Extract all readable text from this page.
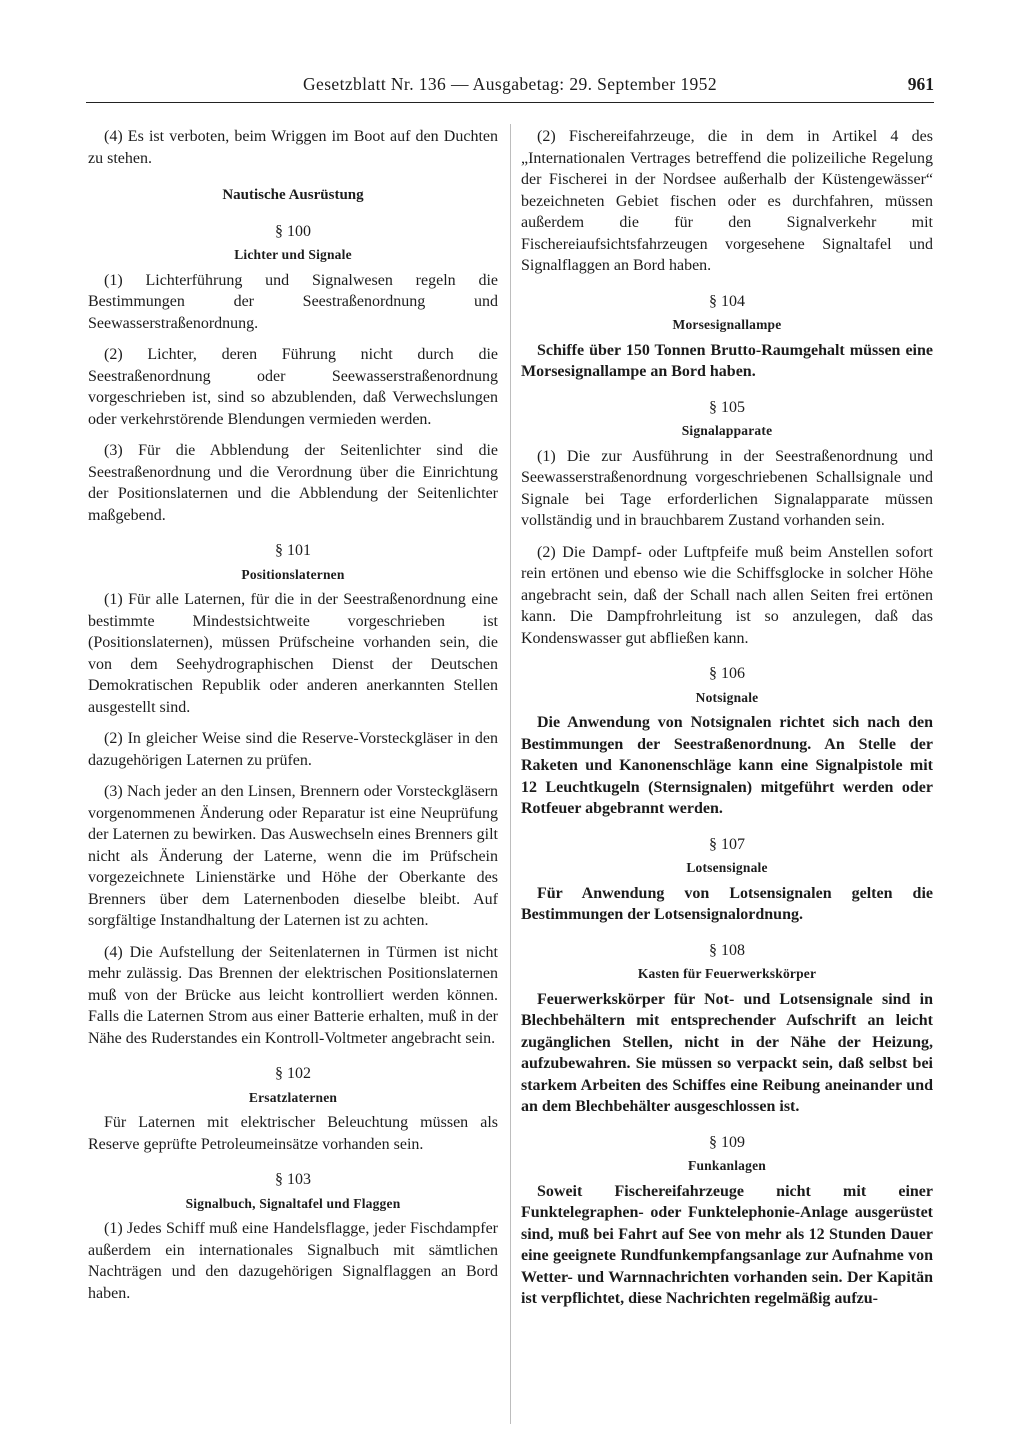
Gesetzblatt Nr. 136 — Ausgabetag: 29. September 1952	961

(4) Es ist verboten, beim Wriggen im Boot auf den Duchten zu stehen.

Nautische Ausrüstung
§ 100
Lichter und Signale

(1) Lichterführung und Signalwesen regeln die Bestimmungen der Seestraßenordnung und Seewasserstraßenordnung.

(2) Lichter, deren Führung nicht durch die Seestraßenordnung oder Seewasserstraßenordnung vorgeschrieben ist, sind so abzublenden, daß Verwechslungen oder verkehrstörende Blendungen vermieden werden.

(3) Für die Abblendung der Seitenlichter sind die Seestraßenordnung und die Verordnung über die Einrichtung der Positionslaternen und die Abblendung der Seitenlichter maßgebend.

§ 101
Positionslaternen

(1) Für alle Laternen, für die in der Seestraßenordnung eine bestimmte Mindestsichtweite vorgeschrieben ist (Positionslaternen), müssen Prüfscheine vorhanden sein, die von dem Seehydrographischen Dienst der Deutschen Demokratischen Republik oder anderen anerkannten Stellen ausgestellt sind.

(2) In gleicher Weise sind die Reserve-Vorsteckgläser in den dazugehörigen Laternen zu prüfen.

(3) Nach jeder an den Linsen, Brennern oder Vorsteckgläsern vorgenommenen Änderung oder Reparatur ist eine Neuprüfung der Laternen zu bewirken. Das Auswechseln eines Brenners gilt nicht als Änderung der Laterne, wenn die im Prüfschein vorgezeichnete Linienstärke und Höhe der Oberkante des Brenners über dem Laternenboden dieselbe bleibt. Auf sorgfältige Instandhaltung der Laternen ist zu achten.

(4) Die Aufstellung der Seitenlaternen in Türmen ist nicht mehr zulässig. Das Brennen der elektrischen Positionslaternen muß von der Brücke aus leicht kontrolliert werden können. Falls die Laternen Strom aus einer Batterie erhalten, muß in der Nähe des Ruderstandes ein Kontroll-Voltmeter angebracht sein.

§ 102
Ersatzlaternen

Für Laternen mit elektrischer Beleuchtung müssen als Reserve geprüfte Petroleumeinsätze vorhanden sein.

§ 103
Signalbuch, Signaltafel und Flaggen

(1) Jedes Schiff muß eine Handelsflagge, jeder Fischdampfer außerdem ein internationales Signalbuch mit sämtlichen Nachträgen und den dazugehörigen Signalflaggen an Bord haben.

(2) Fischereifahrzeuge, die in dem in Artikel 4 des „Internationalen Vertrages betreffend die polizeiliche Regelung der Fischerei in der Nordsee außerhalb der Küstengewässer“ bezeichneten Gebiet fischen oder es durchfahren, müssen außerdem die für den Signalverkehr mit Fischereiaufsichtsfahrzeugen vorgesehene Signaltafel und Signalflaggen an Bord haben.

§ 104
Morsesignallampe

Schiffe über 150 Tonnen Brutto-Raumgehalt müssen eine Morsesignallampe an Bord haben.

§ 105
Signalapparate

(1) Die zur Ausführung in der Seestraßenordnung und Seewasserstraßenordnung vorgeschriebenen Schallsignale und Signale bei Tage erforderlichen Signalapparate müssen vollständig und in brauchbarem Zustand vorhanden sein.

(2) Die Dampf- oder Luftpfeife muß beim Anstellen sofort rein ertönen und ebenso wie die Schiffsglocke in solcher Höhe angebracht sein, daß der Schall nach allen Seiten frei ertönen kann. Die Dampfrohrleitung ist so anzulegen, daß das Kondenswasser gut abfließen kann.

§ 106
Notsignale

Die Anwendung von Notsignalen richtet sich nach den Bestimmungen der Seestraßenordnung. An Stelle der Raketen und Kanonenschläge kann eine Signalpistole mit 12 Leuchtkugeln (Sternsignalen) mitgeführt werden oder Rotfeuer abgebrannt werden.

§ 107
Lotsensignale

Für Anwendung von Lotsensignalen gelten die Bestimmungen der Lotsensignalordnung.

§ 108
Kasten für Feuerwerkskörper

Feuerwerkskörper für Not- und Lotsensignale sind in Blechbehältern mit entsprechender Aufschrift an leicht zugänglichen Stellen, nicht in der Nähe der Heizung, aufzubewahren. Sie müssen so verpackt sein, daß selbst bei starkem Arbeiten des Schiffes eine Reibung aneinander und an dem Blechbehälter ausgeschlossen ist.

§ 109
Funkanlagen

Soweit Fischereifahrzeuge nicht mit einer Funktelegraphen- oder Funktelephonie-Anlage ausgerüstet sind, muß bei Fahrt auf See von mehr als 12 Stunden Dauer eine geeignete Rundfunkempfangsanlage zur Aufnahme von Wetter- und Warnnachrichten vorhanden sein. Der Kapitän ist verpflichtet, diese Nachrichten regelmäßig aufzu-
